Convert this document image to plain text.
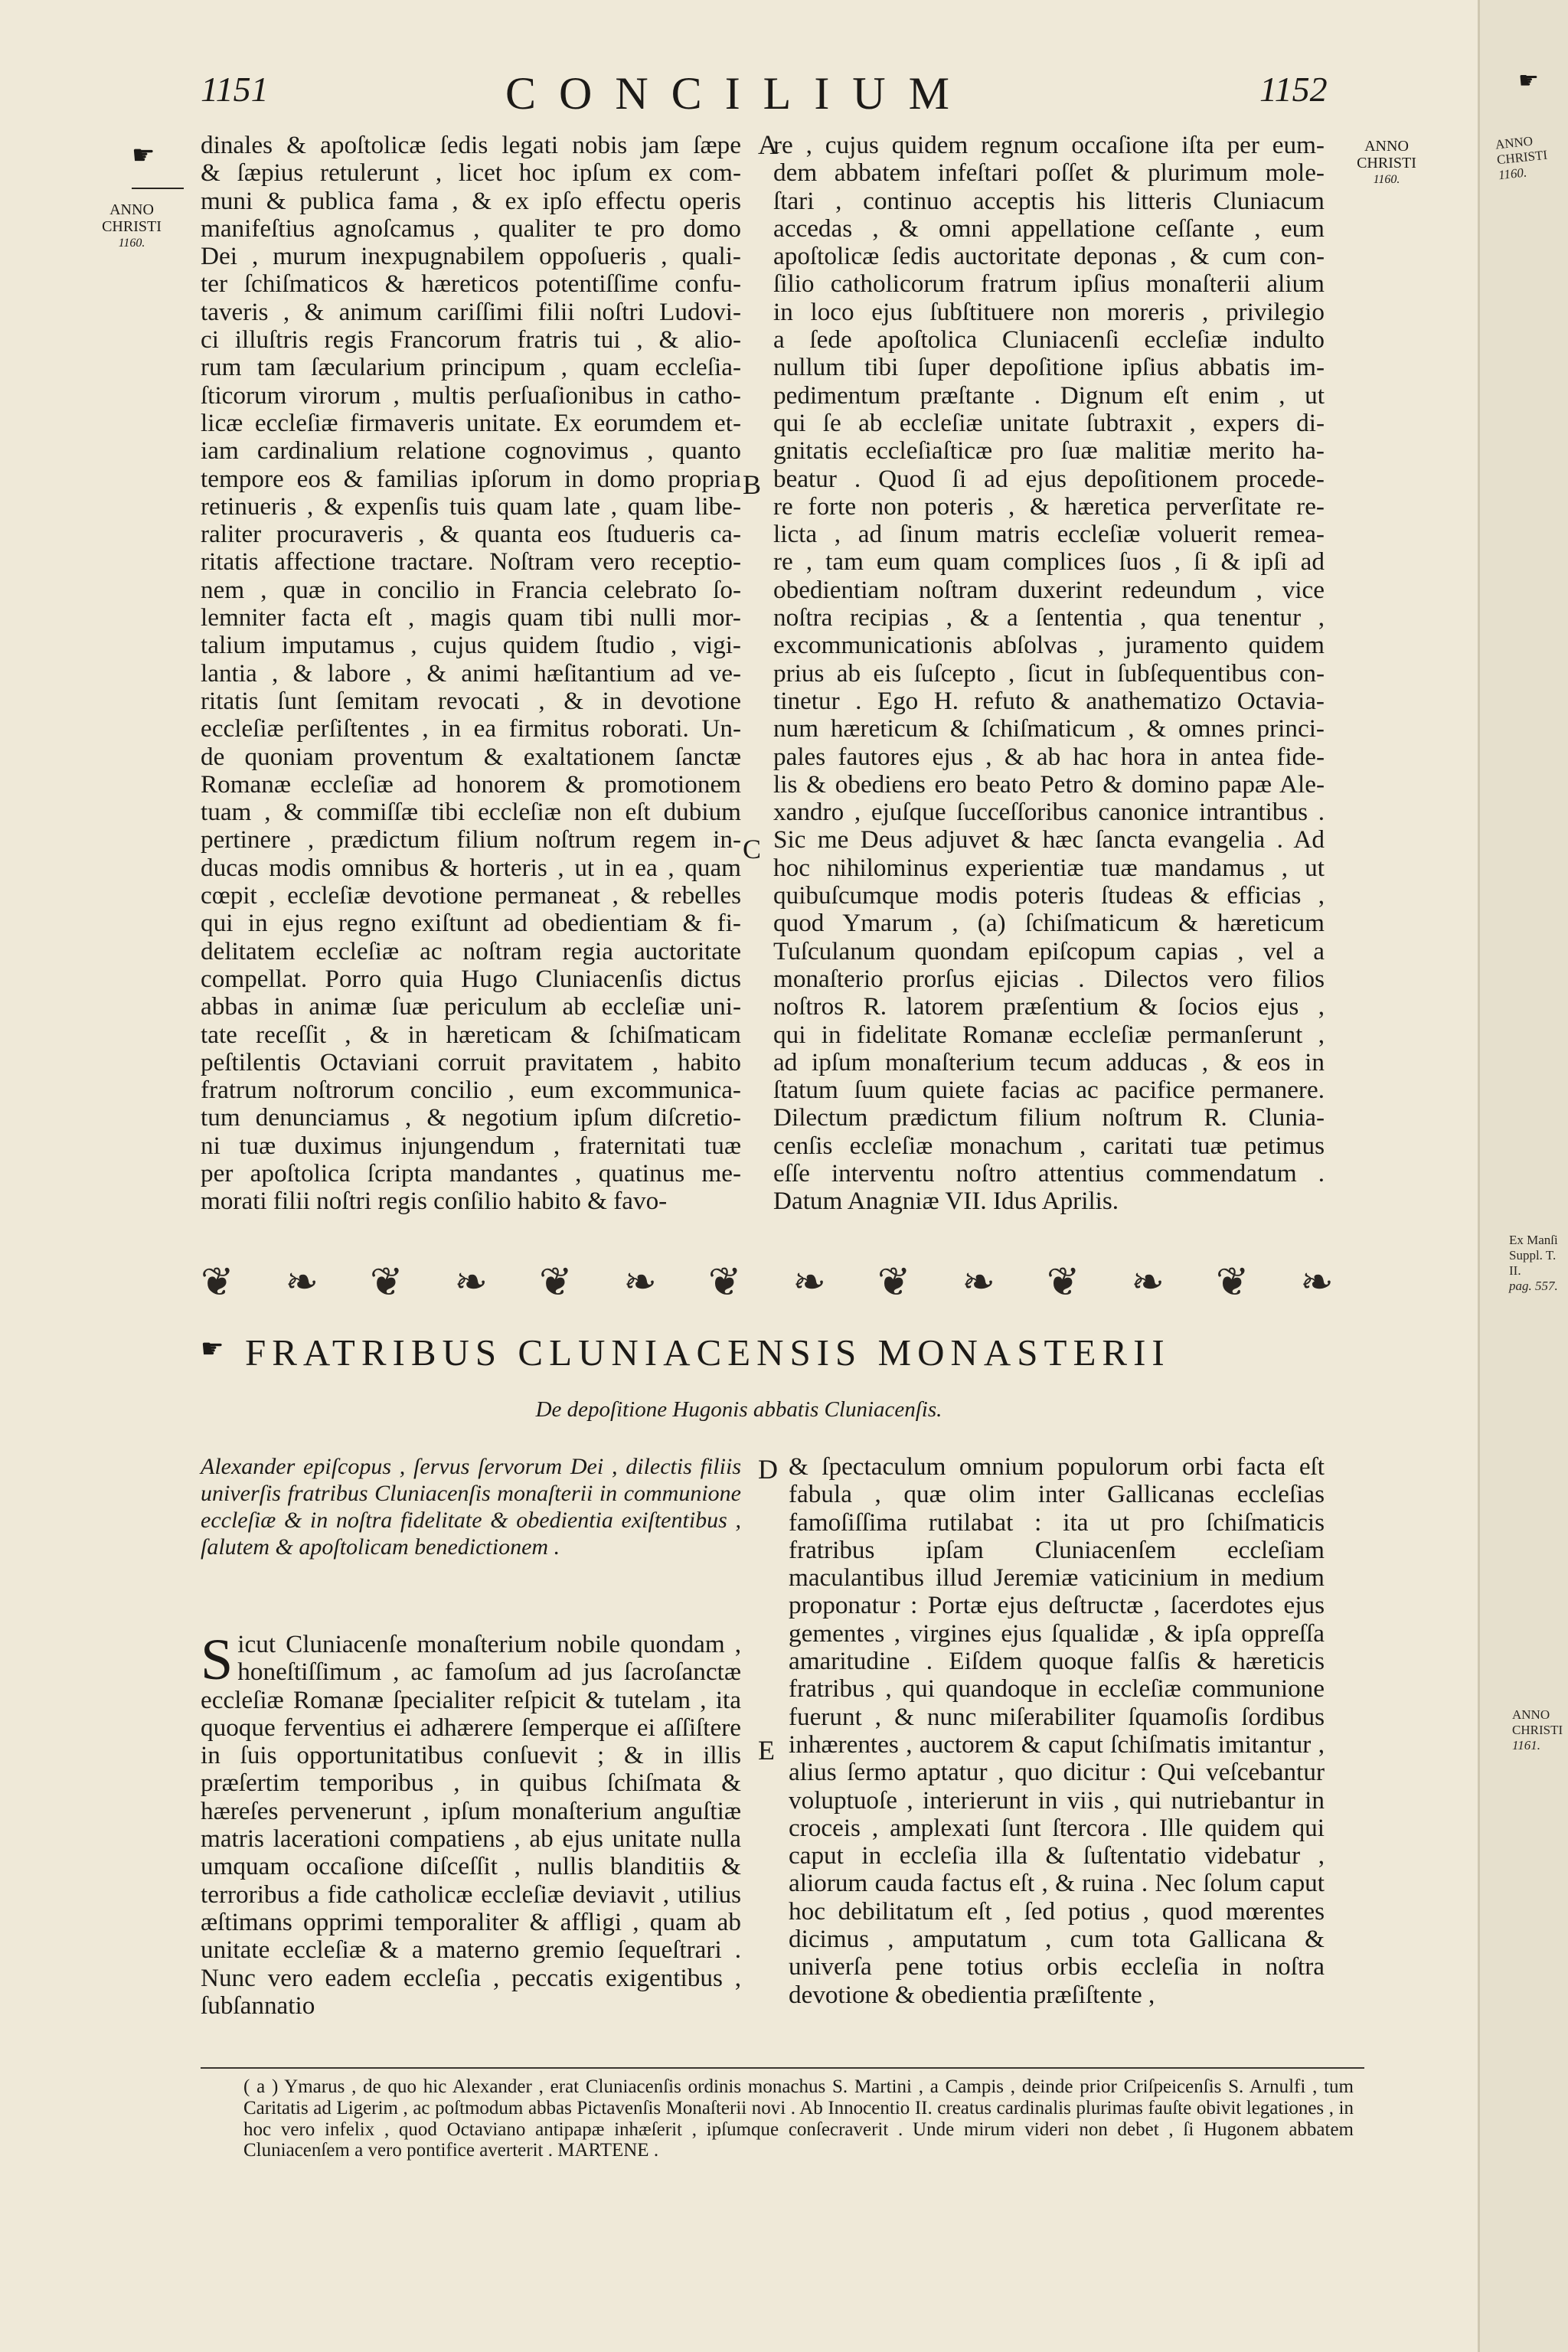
1151	CONCILIUM	1152
☛
ANNO
CHRISTI
1160.
ANNO
CHRISTI
1160.
A
B
C
D
E

dinales & apoſtolicæ ſedis legati nobis jam ſæpe

& ſæpius retulerunt , licet hoc ipſum ex com-

muni & publica fama , & ex ipſo effectu operis

manifeſtius agnoſcamus , qualiter te pro domo

Dei , murum inexpugnabilem oppoſueris , quali-

ter ſchiſmaticos & hæreticos potentiſſime confu-

taveris , & animum cariſſimi filii noſtri Ludovi-

ci illuſtris regis Francorum fratris tui , & alio-

rum tam ſæcularium principum , quam eccleſia-

ſticorum virorum , multis perſuaſionibus in catho-

licæ eccleſiæ firmaveris unitate. Ex eorumdem et-

iam cardinalium relatione cognovimus , quanto

tempore eos & familias ipſorum in domo propria

retinueris , & expenſis tuis quam late , quam libe-

raliter procuraveris , & quanta eos ſtudueris ca-

ritatis affectione tractare. Noſtram vero receptio-

nem , quæ in concilio in Francia celebrato ſo-

lemniter facta eſt , magis quam tibi nulli mor-

talium imputamus , cujus quidem ſtudio , vigi-

lantia , & labore , & animi hæſitantium ad ve-

ritatis ſunt ſemitam revocati , & in devotione

eccleſiæ perſiſtentes , in ea firmitus roborati. Un-

de quoniam proventum & exaltationem ſanctæ

Romanæ eccleſiæ ad honorem & promotionem

tuam , & commiſſæ tibi eccleſiæ non eſt dubium

pertinere , prædictum filium noſtrum regem in-

ducas modis omnibus & horteris , ut in ea , quam

cœpit , eccleſiæ devotione permaneat , & rebelles

qui in ejus regno exiſtunt ad obedientiam & fi-

delitatem eccleſiæ ac noſtram regia auctoritate

compellat. Porro quia Hugo Cluniacenſis dictus

abbas in animæ ſuæ periculum ab eccleſiæ uni-

tate receſſit , & in hæreticam & ſchiſmaticam

peſtilentis Octaviani corruit pravitatem , habito

fratrum noſtrorum concilio , eum excommunica-

tum denunciamus , & negotium ipſum diſcretio-

ni tuæ duximus injungendum , fraternitati tuæ

per apoſtolica ſcripta mandantes , quatinus me-

morati filii noſtri regis conſilio habito & favo-

re , cujus quidem regnum occaſione iſta per eum-

dem abbatem infeſtari poſſet & plurimum mole-

ſtari , continuo acceptis his litteris Cluniacum

accedas , & omni appellatione ceſſante , eum

apoſtolicæ ſedis auctoritate deponas , & cum con-

ſilio catholicorum fratrum ipſius monaſterii alium

in loco ejus ſubſtituere non moreris , privilegio

a ſede apoſtolica Cluniacenſi eccleſiæ indulto

nullum tibi ſuper depoſitione ipſius abbatis im-

pedimentum præſtante . Dignum eſt enim , ut

qui ſe ab eccleſiæ unitate ſubtraxit , expers di-

gnitatis eccleſiaſticæ pro ſuæ malitiæ merito ha-

beatur . Quod ſi ad ejus depoſitionem procede-

re forte non poteris , & hæretica perverſitate re-

licta , ad ſinum matris eccleſiæ voluerit remea-

re , tam eum quam complices ſuos , ſi & ipſi ad

obedientiam noſtram duxerint redeundum , vice

noſtra recipias , & a ſententia , qua tenentur ,

excommunicationis abſolvas , juramento quidem

prius ab eis ſuſcepto , ſicut in ſubſequentibus con-

tinetur . Ego H. refuto & anathematizo Octavia-

num hæreticum & ſchiſmaticum , & omnes princi-

pales fautores ejus , & ab hac hora in antea fide-

lis & obediens ero beato Petro & domino papæ Ale-

xandro , ejuſque ſucceſſoribus canonice intrantibus .

Sic me Deus adjuvet & hæc ſancta evangelia . Ad

hoc nihilominus experientiæ tuæ mandamus , ut

quibuſcumque modis poteris ſtudeas & efficias ,

quod Ymarum , (a) ſchiſmaticum & hæreticum

Tuſculanum quondam epiſcopum capias , vel a

monaſterio prorſus ejicias . Dilectos vero filios

noſtros R. latorem præſentium & ſocios ejus ,

qui in fidelitate Romanæ eccleſiæ permanſerunt ,

ad ipſum monaſterium tecum adducas , & eos in

ſtatum ſuum quiete facias ac pacifice permanere.

Dilectum prædictum filium noſtrum R. Clunia-

cenſis eccleſiæ monachum , caritati tuæ petimus

eſſe interventu noſtro attentius commendatum .

Datum Anagniæ VII. Idus Aprilis.

❦ ❧ ❦ ❧ ❦ ❧ ❦ ❧ ❦ ❧ ❦ ❧ ❦ ❧
☛ FRATRIBUS CLUNIACENSIS MONASTERII
De depoſitione Hugonis abbatis Cluniacenſis.
Alexander epiſcopus , ſervus ſervorum Dei , dilectis filiis univerſis fratribus Cluniacenſis monaſterii in communione eccleſiæ & in noſtra fidelitate & obedientia exiſtentibus , ſalutem & apoſtolicam benedictionem .
S icut Cluniacenſe monaſterium nobile quondam , honeſtiſſimum , ac famoſum ad jus ſacroſanctæ eccleſiæ Romanæ ſpecialiter reſpicit & tutelam , ita quoque ferventius ei adhærere ſemperque ei aſſiſtere in ſuis opportunitatibus conſuevit ; & in illis præſertim temporibus , in quibus ſchiſmata & hæreſes pervenerunt , ipſum monaſterium anguſtiæ matris lacerationi compatiens , ab ejus unitate nulla umquam occaſione diſceſſit , nullis blanditiis & terroribus a fide catholicæ eccleſiæ deviavit , utilius æſtimans opprimi temporaliter & affligi , quam ab unitate eccleſiæ & a materno gremio ſequeſtrari . Nunc vero eadem eccleſia , peccatis exigentibus , ſubſannatio
& ſpectaculum omnium populorum orbi facta eſt fabula , quæ olim inter Gallicanas eccleſias famoſiſſima rutilabat : ita ut pro ſchiſmaticis fratribus ipſam Cluniacenſem eccleſiam maculantibus illud Jeremiæ vaticinium in medium proponatur : Portæ ejus deſtructæ , ſacerdotes ejus gementes , virgines ejus ſqualidæ , & ipſa oppreſſa amaritudine . Eiſdem quoque falſis & hæreticis fratribus , qui quandoque in eccleſiæ communione fuerunt , & nunc miſerabiliter ſquamoſis ſordibus inhærentes , auctorem & caput ſchiſmatis imitantur , alius ſermo aptatur , quo dicitur : Qui veſcebantur voluptuoſe , interierunt in viis , qui nutriebantur in croceis , amplexati ſunt ſtercora . Ille quidem qui caput in eccleſia illa & ſuſtentatio videbatur , aliorum cauda factus eſt , & ruina . Nec ſolum caput hoc debilitatum eſt , ſed potius , quod mœrentes dicimus , amputatum , cum tota Gallicana & univerſa pene totius orbis eccleſia in noſtra devotione & obedientia præſiſtente ,
( a ) Ymarus , de quo hic Alexander , erat Cluniacenſis ordinis monachus S. Martini , a Campis , deinde prior Criſpeicenſis S. Arnulfi , tum Caritatis ad Ligerim , ac poſtmodum abbas Pictavenſis Monaſterii novi . Ab Innocentio II. creatus cardinalis plurimas fauſte obivit legationes , in hoc vero infelix , quod Octaviano antipapæ inhæſerit , ipſumque conſecraverit . Unde mirum videri non debet , ſi Hugonem abbatem Cluniacenſem a vero pontifice averterit . MARTENE .
☛
ANNO
CHRISTI
1160.
Ex Manſi
Suppl. T. II.
pag. 557.
ANNO
CHRISTI
1161.
